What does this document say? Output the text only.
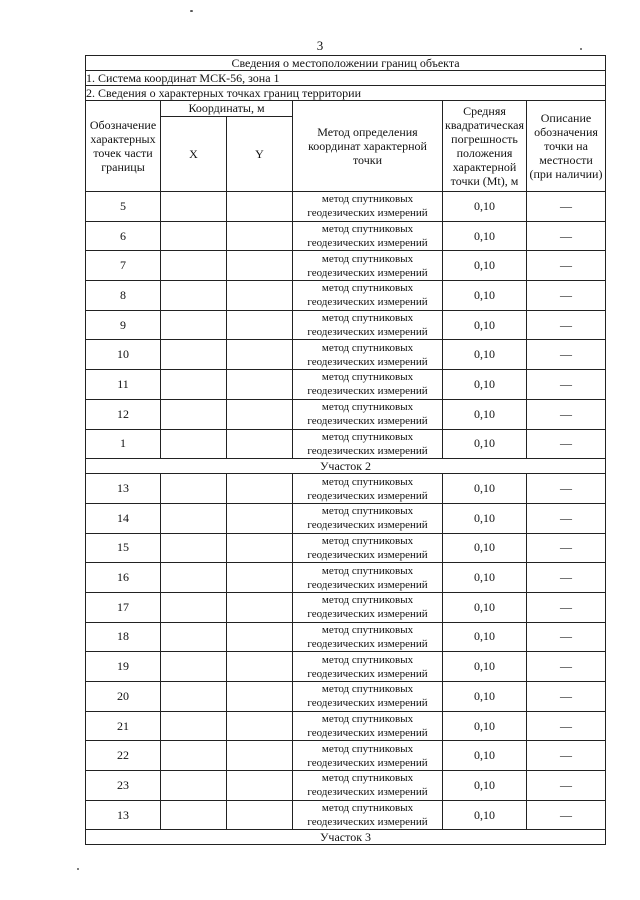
3
Сведения о местоположении границ объекта					
1. Система координат МСК-56, зона 1					
2. Сведения о характерных точках границ территории					
Обозначение характерных точек части границы	Координаты, м		Метод определения координат характерной точки	Средняя квадратическая погрешность положения характерной точки (Mt), м	Описание обозначения точки на местности (при наличии)
	X	Y			
5			метод спутниковых геодезических измерений	0,10	—
6			метод спутниковых геодезических измерений	0,10	—
7			метод спутниковых геодезических измерений	0,10	—
8			метод спутниковых геодезических измерений	0,10	—
9			метод спутниковых геодезических измерений	0,10	—
10			метод спутниковых геодезических измерений	0,10	—
11			метод спутниковых геодезических измерений	0,10	—
12			метод спутниковых геодезических измерений	0,10	—
1			метод спутниковых геодезических измерений	0,10	—
Участок 2					
13			метод спутниковых геодезических измерений	0,10	—
14			метод спутниковых геодезических измерений	0,10	—
15			метод спутниковых геодезических измерений	0,10	—
16			метод спутниковых геодезических измерений	0,10	—
17			метод спутниковых геодезических измерений	0,10	—
18			метод спутниковых геодезических измерений	0,10	—
19			метод спутниковых геодезических измерений	0,10	—
20			метод спутниковых геодезических измерений	0,10	—
21			метод спутниковых геодезических измерений	0,10	—
22			метод спутниковых геодезических измерений	0,10	—
23			метод спутниковых геодезических измерений	0,10	—
13			метод спутниковых геодезических измерений	0,10	—
Участок 3					
